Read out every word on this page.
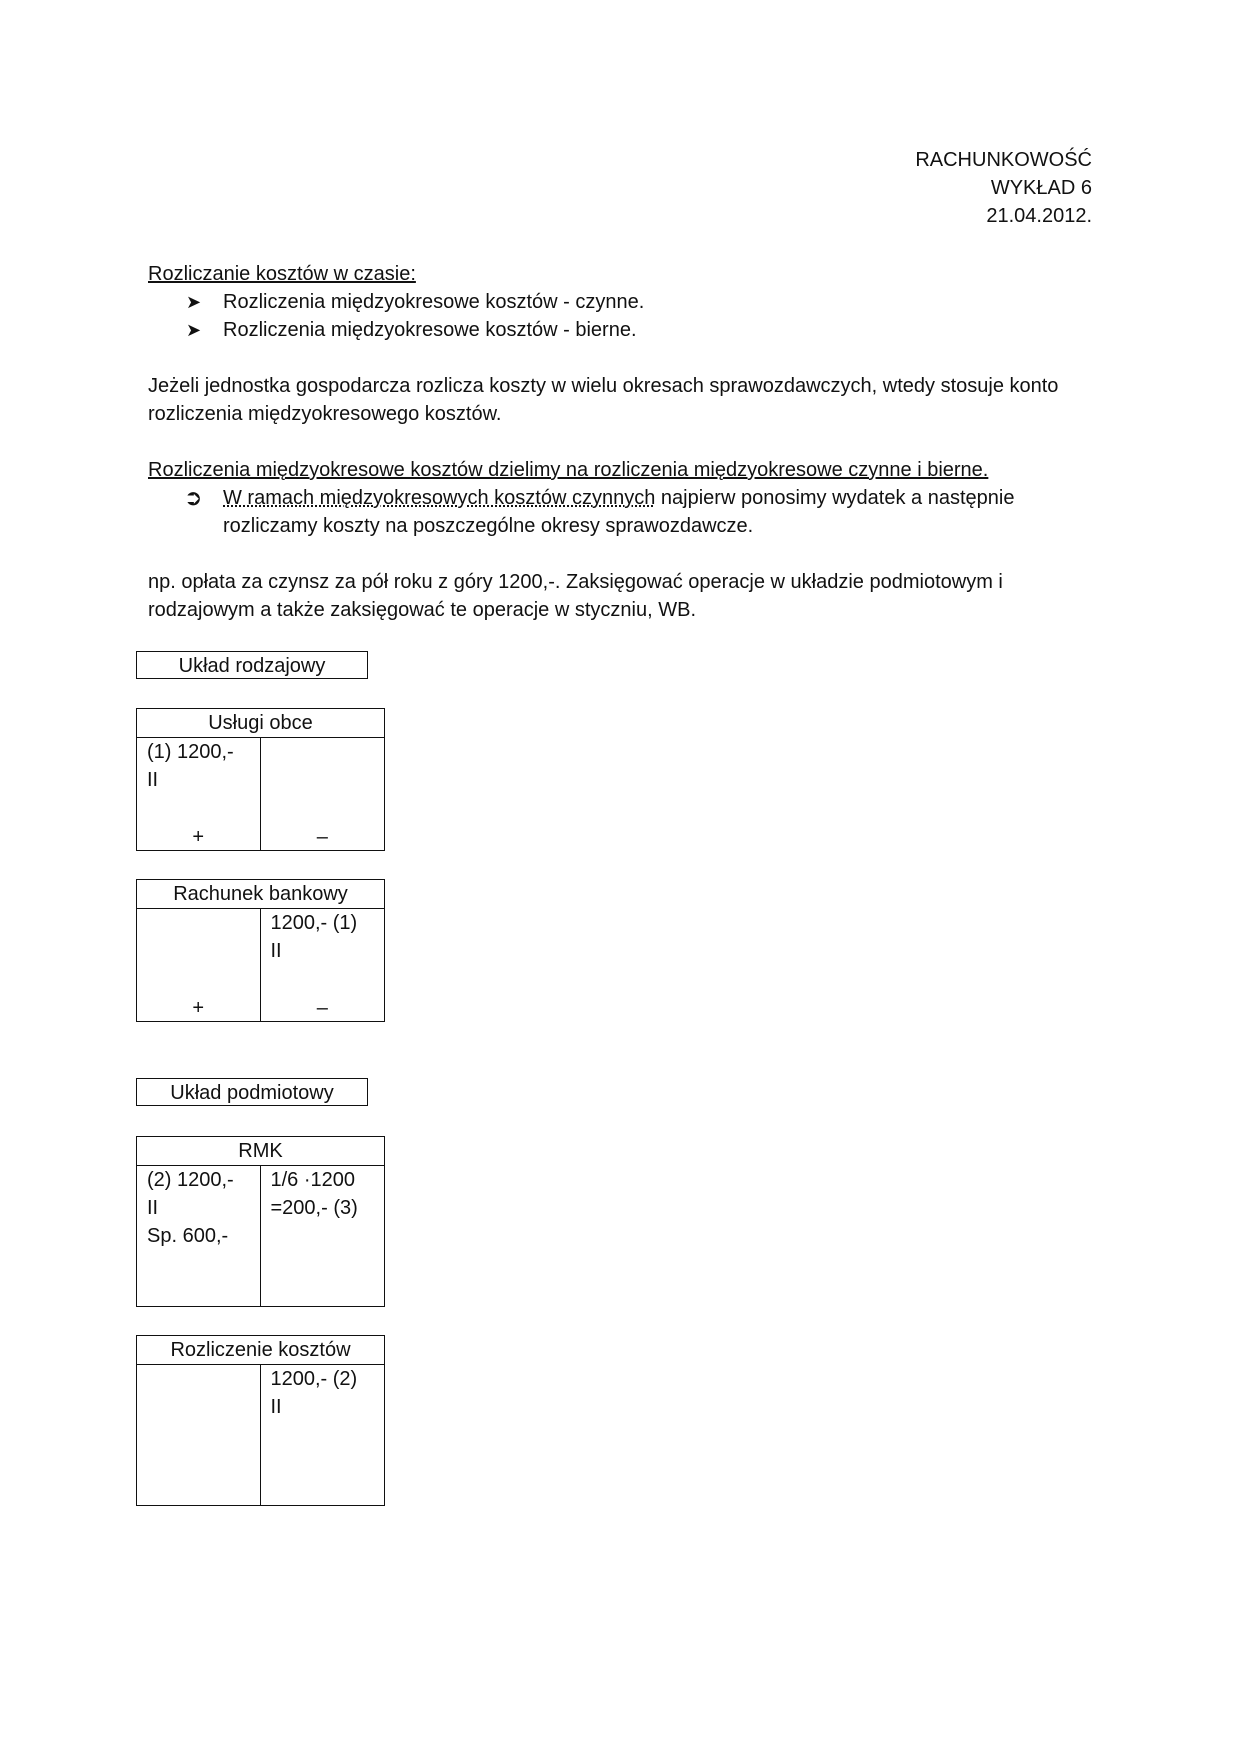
RACHUNKOWOŚĆ
WYKŁAD 6
21.04.2012.
Rozliczanie kosztów w czasie:
➤ Rozliczenia międzyokresowe kosztów - czynne.
➤ Rozliczenia międzyokresowe kosztów - bierne.
Jeżeli jednostka gospodarcza rozlicza koszty w wielu okresach sprawozdawczych, wtedy stosuje konto
rozliczenia międzyokresowego kosztów.
Rozliczenia międzyokresowe kosztów dzielimy na rozliczenia międzyokresowe czynne i bierne.
➲ W ramach międzyokresowych kosztów czynnych najpierw ponosimy wydatek a następnie
rozliczamy koszty na poszczególne okresy sprawozdawcze.
np. opłata za czynsz za pół roku z góry 1200,-. Zaksięgować operacje w układzie podmiotowym i
rodzajowym a także zaksięgować te operacje w styczniu, WB.
Układ rodzajowy
Usługi obce
(1) 1200,-
II
+	–
Rachunek bankowy
+
1200,- (1)
II
–
Układ podmiotowy
RMK
(2) 1200,-
II
Sp. 600,-
1/6 ·1200
=200,- (3)
Rozliczenie kosztów
1200,- (2)
II
